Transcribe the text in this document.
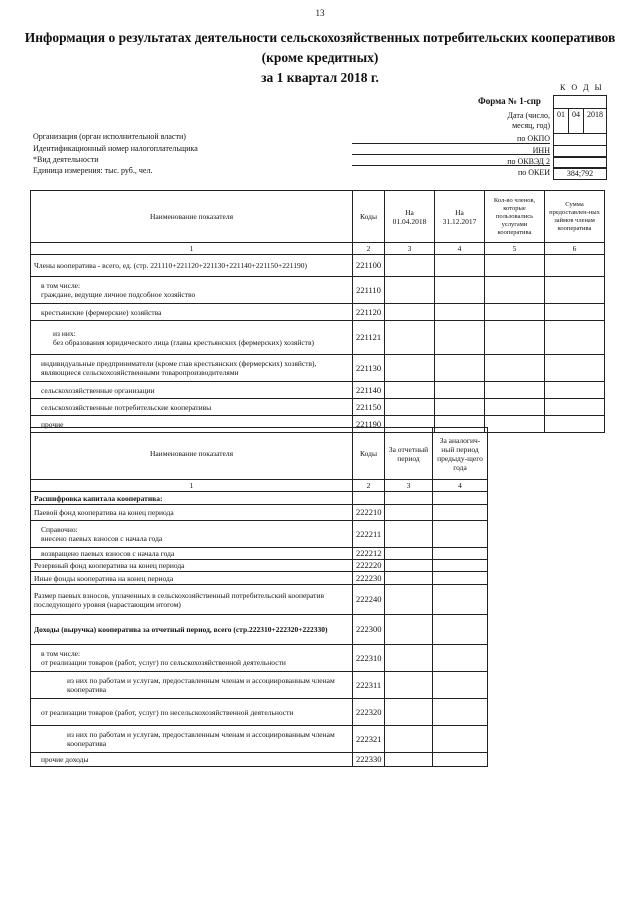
13
Информация о результатах деятельности сельскохозяйственных потребительских кооперативов
(кроме кредитных)
за 1 квартал 2018 г.
К О Д Ы
Форма № 1-спр
Дата (число,
месяц, год)
01 04 2018
по ОКПО
ИНН
по ОКВЭД 2
по ОКЕИ	384;792
Организация (орган исполнительной власти)
Идентификационный номер налогоплательщика
*Вид деятельности
Единица измерения: тыс. руб., чел.
Наименование показателя	Коды	На 01.04.2018	На 31.12.2017	Кол-во членов, которые пользовались услугами кооператива	Сумма предоставлен-ных займов членам кооператива
1	2	3	4	5	6
Члены кооператива - всего, ед. (стр. 221110+221120+221130+221140+221150+221190)	221100				
в том числе:
граждане, ведущие личное подсобное хозяйство	221110				
крестьянские (фермерские) хозяйства	221120				
из них:
без образования юридического лица (главы крестьянских (фермерских) хозяйств)	221121				
индивидуальные предприниматели (кроме глав крестьянских (фермерских) хозяйств), являющиеся сельскохозяйственными товаропроизводителями	221130				
сельскохозяйственные организации	221140				
сельскохозяйственные потребительские кооперативы	221150				
прочие	221190				
Наименование показателя	Коды	За отчетный период	За аналогич-ный период предыду-щего года
1	2	3	4
Расшифровка капитала кооператива:			
Паевой фонд кооператива на конец периода	222210		
Справочно:
внесено паевых взносов с начала года	222211		
возвращено паевых взносов с начала года	222212		
Резервный фонд кооператива на конец периода	222220		
Иные фонды кооператива на конец периода	222230		
Размер паевых взносов, уплаченных в сельскохозяйственный потребительский кооператив последующего уровня (нарастающим итогом)	222240		
Доходы (выручка) кооператива за отчетный период, всего (стр.222310+222320+222330)	222300		
в том числе:
от реализации товаров (работ, услуг) по сельскохозяйственной деятельности	222310		
из них по работам и услугам, предоставленным членам и ассоциированным членам кооператива	222311		
от реализации товаров (работ, услуг) по несельскохозяйственной деятельности	222320		
из них по работам и услугам, предоставленным членам и ассоциированным членам кооператива	222321		
прочие доходы	222330		
